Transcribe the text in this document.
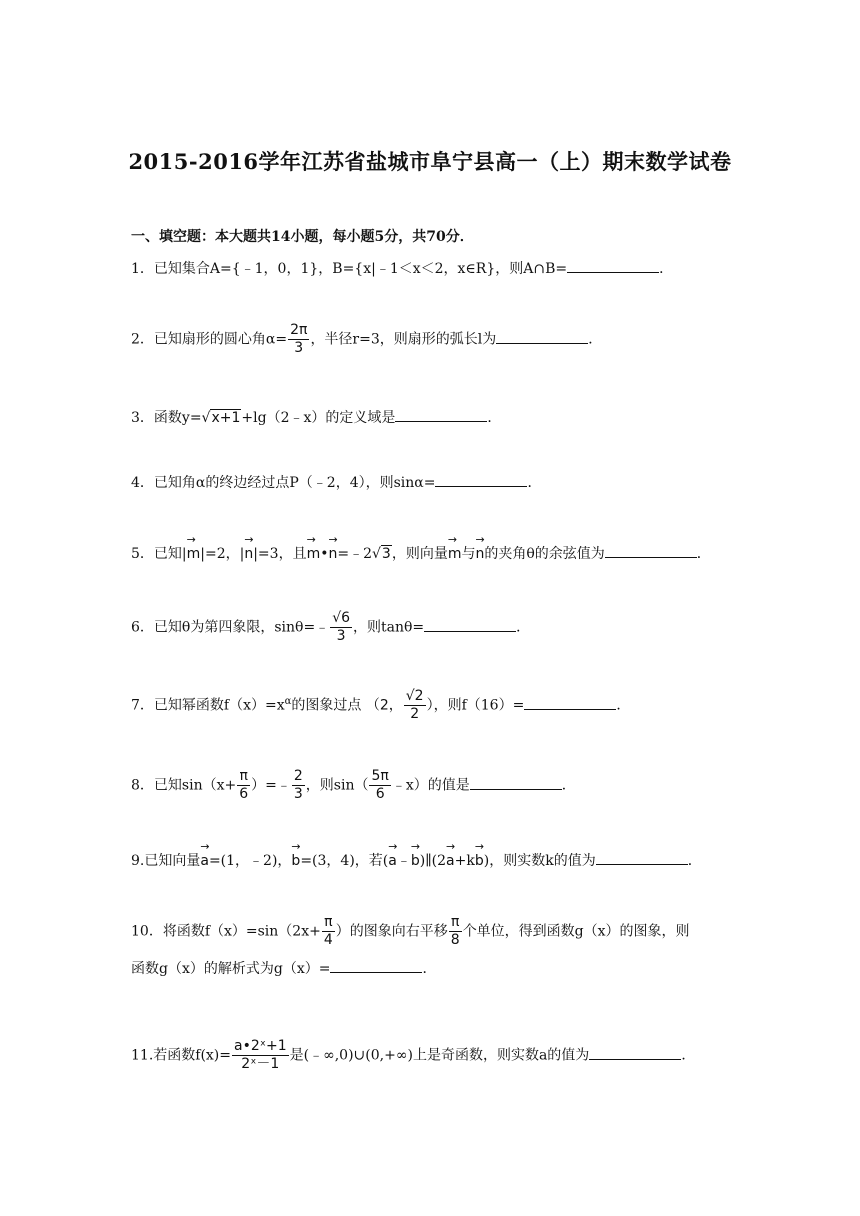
2015-2016学年江苏省盐城市阜宁县高一（上）期末数学试卷
一、填空题：本大题共14小题，每小题5分，共70分．
1．已知集合A={﹣1，0，1}，B={x|﹣1＜x＜2，x∈R}，则A∩B=	．
2．已知扇形的圆心角$\alpha= \frac{2\pi}{3}$ ，半径r=3，则扇形的弧长l为	．
3．函数y=√x+1+lg（2﹣x）的定义域是	．
4．已知角α的终边经过点P（﹣2，4），则sinα=	．
5．已知|→ m|=2，|→ n|=3，且→ m•→ n=﹣2√3，则向量→ m与→ n的夹角θ的余弦值为	．
6．已知θ为第四象限，sinθ=﹣ $\frac{√6}{3}$ ，则tanθ=	．
7．已知幂函数$f(x)=x^\alpha$的图象过点 （2， $\frac{√2}{2}$ ），则f（16）=	．
8．已知$\sin(x+ \frac{\pi}{6}$ ）=﹣ $\frac{2}{3}$ ，则$\sin( \frac{5\pi}{6}$ ﹣x）的值是	．
9.已知向量→ a=(1，﹣2)，→ b=(3，4)，若(→ a﹣→ b)∥(2→ a+k→ b)，则实数k的值为	．
10．将函数$f(x)=\sin(2x+ \frac{\pi}{4}$ ）的图象向右平移 $\frac{\pi}{8}$ 个单位，得到函数g（x）的图象，则
函数g（x）的解析式为g（x）=	．
11.若函数$f(x)= \frac{\text{a•2ˣ+1}}{\text{2ˣ－1}}$ 是(﹣∞,0)∪(0,+∞)上是奇函数，则实数a的值为	．
